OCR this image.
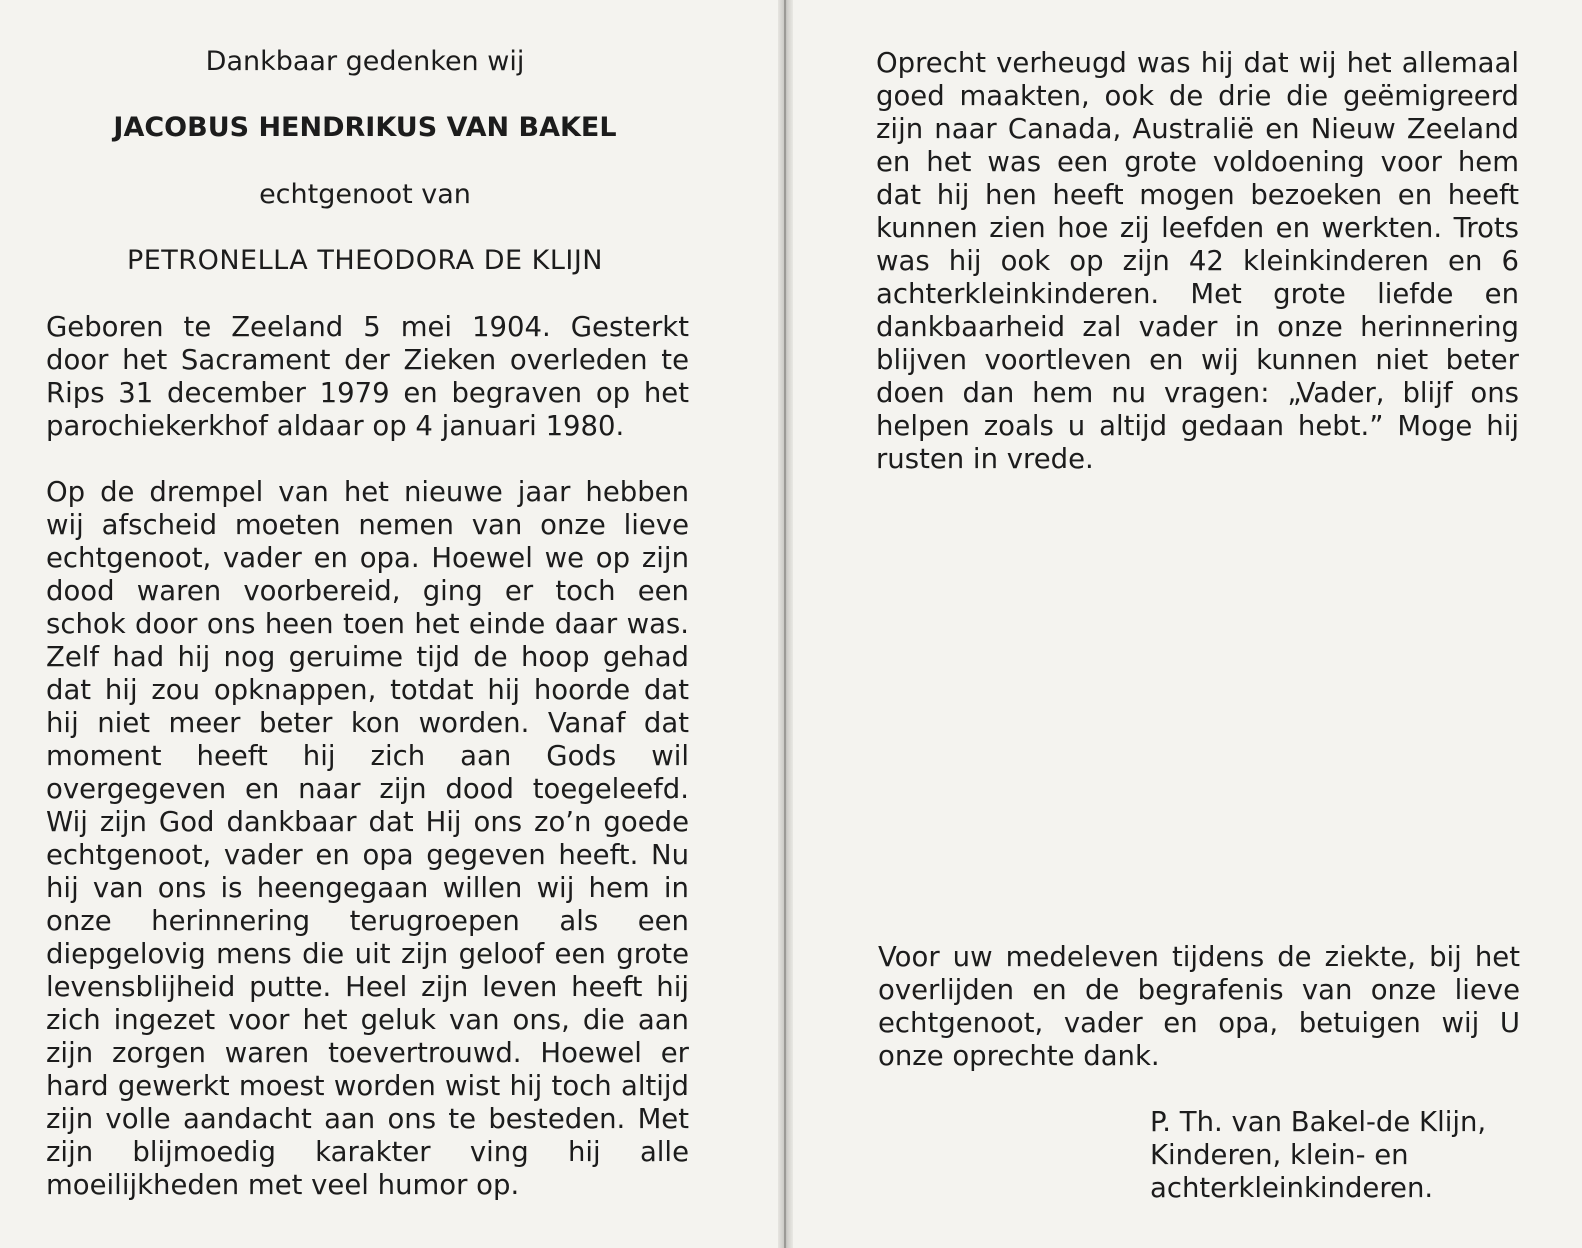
Dankbaar gedenken wij
JACOBUS HENDRIKUS VAN BAKEL
echtgenoot van
PETRONELLA THEODORA DE KLIJN
Geboren te Zeeland 5 mei 1904. Gesterkt door het Sacrament der Zieken overleden te Rips 31 december 1979 en begraven op het parochiekerkhof aldaar op 4 januari 1980.
Op de drempel van het nieuwe jaar hebben wij afscheid moeten nemen van onze lieve echtgenoot, vader en opa. Hoewel we op zijn dood waren voorbereid, ging er toch een schok door ons heen toen het einde daar was. Zelf had hij nog geruime tijd de hoop gehad dat hij zou opknappen, totdat hij hoorde dat hij niet meer beter kon worden. Vanaf dat moment heeft hij zich aan Gods wil overgegeven en naar zijn dood toegeleefd. Wij zijn God dankbaar dat Hij ons zo’n goede echtgenoot, vader en opa gegeven heeft. Nu hij van ons is heengegaan willen wij hem in onze herinnering terugroepen als een diepgelovig mens die uit zijn geloof een grote levensblijheid putte. Heel zijn leven heeft hij zich ingezet voor het geluk van ons, die aan zijn zorgen waren toevertrouwd. Hoewel er hard gewerkt moest worden wist hij toch altijd zijn volle aandacht aan ons te besteden. Met zijn blijmoedig karakter ving hij alle moeilijkheden met veel humor op.
Oprecht verheugd was hij dat wij het allemaal goed maakten, ook de drie die geëmigreerd zijn naar Canada, Australië en Nieuw Zeeland en het was een grote voldoening voor hem dat hij hen heeft mogen bezoeken en heeft kunnen zien hoe zij leefden en werkten. Trots was hij ook op zijn 42 kleinkinderen en 6 achterkleinkinderen. Met grote liefde en dankbaarheid zal vader in onze herinnering blijven voortleven en wij kunnen niet beter doen dan hem nu vragen: „Vader, blijf ons helpen zoals u altijd gedaan hebt.” Moge hij rusten in vrede.
Voor uw medeleven tijdens de ziekte, bij het overlijden en de begrafenis van onze lieve echtgenoot, vader en opa, betuigen wij U onze oprechte dank.
P. Th. van Bakel-de Klijn,
Kinderen, klein- en
achterkleinkinderen.
